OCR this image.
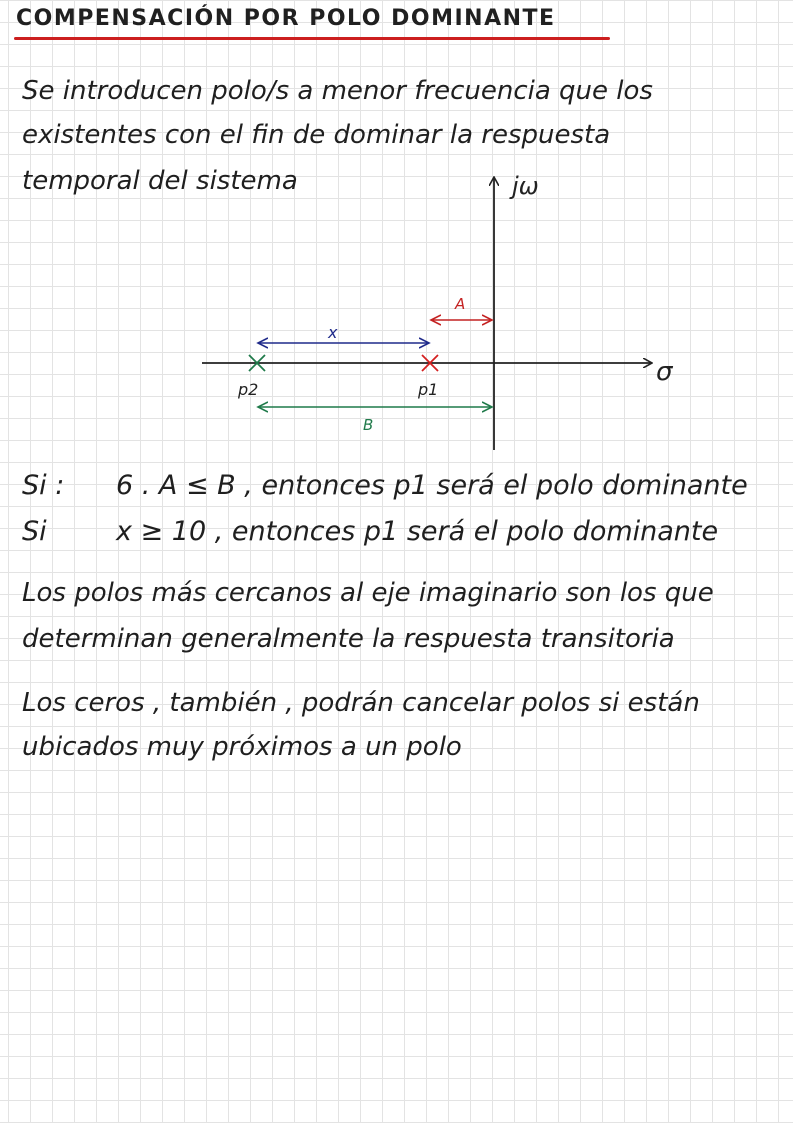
COMPENSACIÓN POR POLO DOMINANTE
Se introducen polo/s a menor frecuencia que los
existentes con el fin de dominar la respuesta
temporal del sistema	jω
σ
A
x
p2	p1
B
Si : 6 . A ≤ B , entonces p1 será el polo dominante
Si	x ≥ 10 , entonces p1 será el polo dominante
Los polos más cercanos al eje imaginario son los que
determinan generalmente la respuesta transitoria
Los ceros , también , podrán cancelar polos si están
ubicados muy próximos a un polo
